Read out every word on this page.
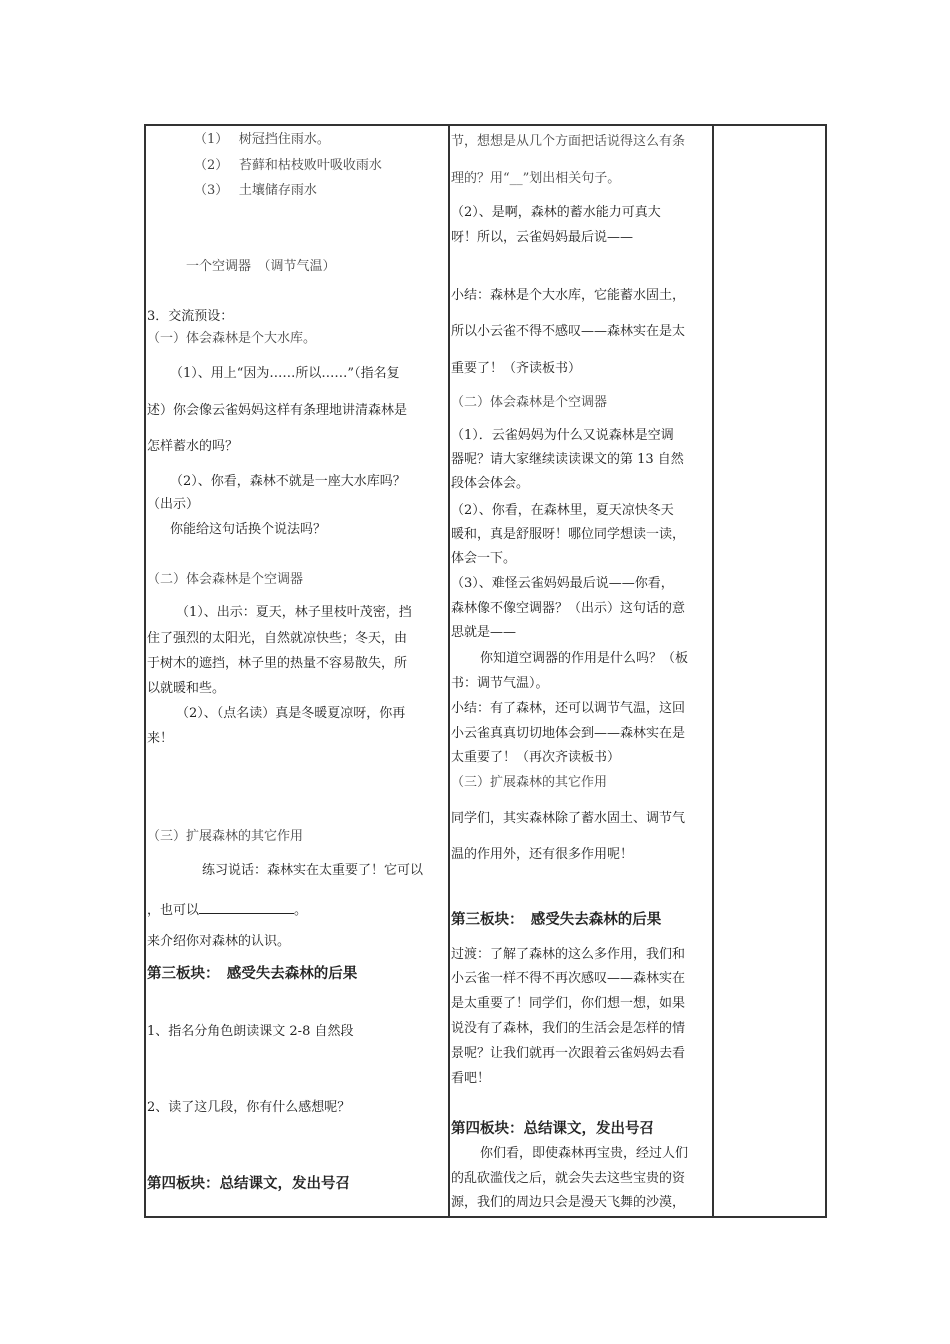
（1）　 树冠挡住雨水。
（2）　 苔藓和枯枝败叶吸收雨水
（3）　 土壤储存雨水
一个空调器　（调节气温）
3．交流预设：
（一）体会森林是个大水库。
（1）、用上“因为……所以……”（指名复
述）你会像云雀妈妈这样有条理地讲清森林是
怎样蓄水的吗？
（2）、你看，森林不就是一座大水库吗？
（出示）
你能给这句话换个说法吗？
（二）体会森林是个空调器
（1）、出示：夏天，林子里枝叶茂密，挡
住了强烈的太阳光，自然就凉快些；冬天，由
于树木的遮挡，林子里的热量不容易散失，所
以就暖和些。
（2）、（点名读）真是冬暖夏凉呀，你再
来！
（三）扩展森林的其它作用
练习说话：森林实在太重要了！它可以
，也可以	。
来介绍你对森林的认识。
第三板块：　感受失去森林的后果
1、指名分角色朗读课文 2-8 自然段
2、读了这几段，你有什么感想呢？
第四板块：总结课文，发出号召
节，想想是从几个方面把话说得这么有条
理的？用“__”划出相关句子。
（2）、是啊，森林的蓄水能力可真大
呀！所以，云雀妈妈最后说——
小结：森林是个大水库，它能蓄水固土，
所以小云雀不得不感叹——森林实在是太
重要了！（齐读板书）
（二）体会森林是个空调器
（1）．云雀妈妈为什么又说森林是空调
器呢？请大家继续读读课文的第 13 自然
段体会体会。
（2）、你看，在森林里，夏天凉快冬天
暖和，真是舒服呀！哪位同学想读一读，
体会一下。
（3）、难怪云雀妈妈最后说——你看，
森林像不像空调器？（出示）这句话的意
思就是——
你知道空调器的作用是什么吗？（板
书：调节气温）。
小结：有了森林，还可以调节气温，这回
小云雀真真切切地体会到——森林实在是
太重要了！（再次齐读板书）
（三）扩展森林的其它作用
同学们，其实森林除了蓄水固土、调节气
温的作用外，还有很多作用呢！
第三板块：　感受失去森林的后果
过渡：了解了森林的这么多作用，我们和
小云雀一样不得不再次感叹——森林实在
是太重要了！同学们，你们想一想，如果
说没有了森林，我们的生活会是怎样的情
景呢？让我们就再一次跟着云雀妈妈去看
看吧！
第四板块：总结课文，发出号召
你们看，即使森林再宝贵，经过人们
的乱砍滥伐之后，就会失去这些宝贵的资
源，我们的周边只会是漫天飞舞的沙漠，
